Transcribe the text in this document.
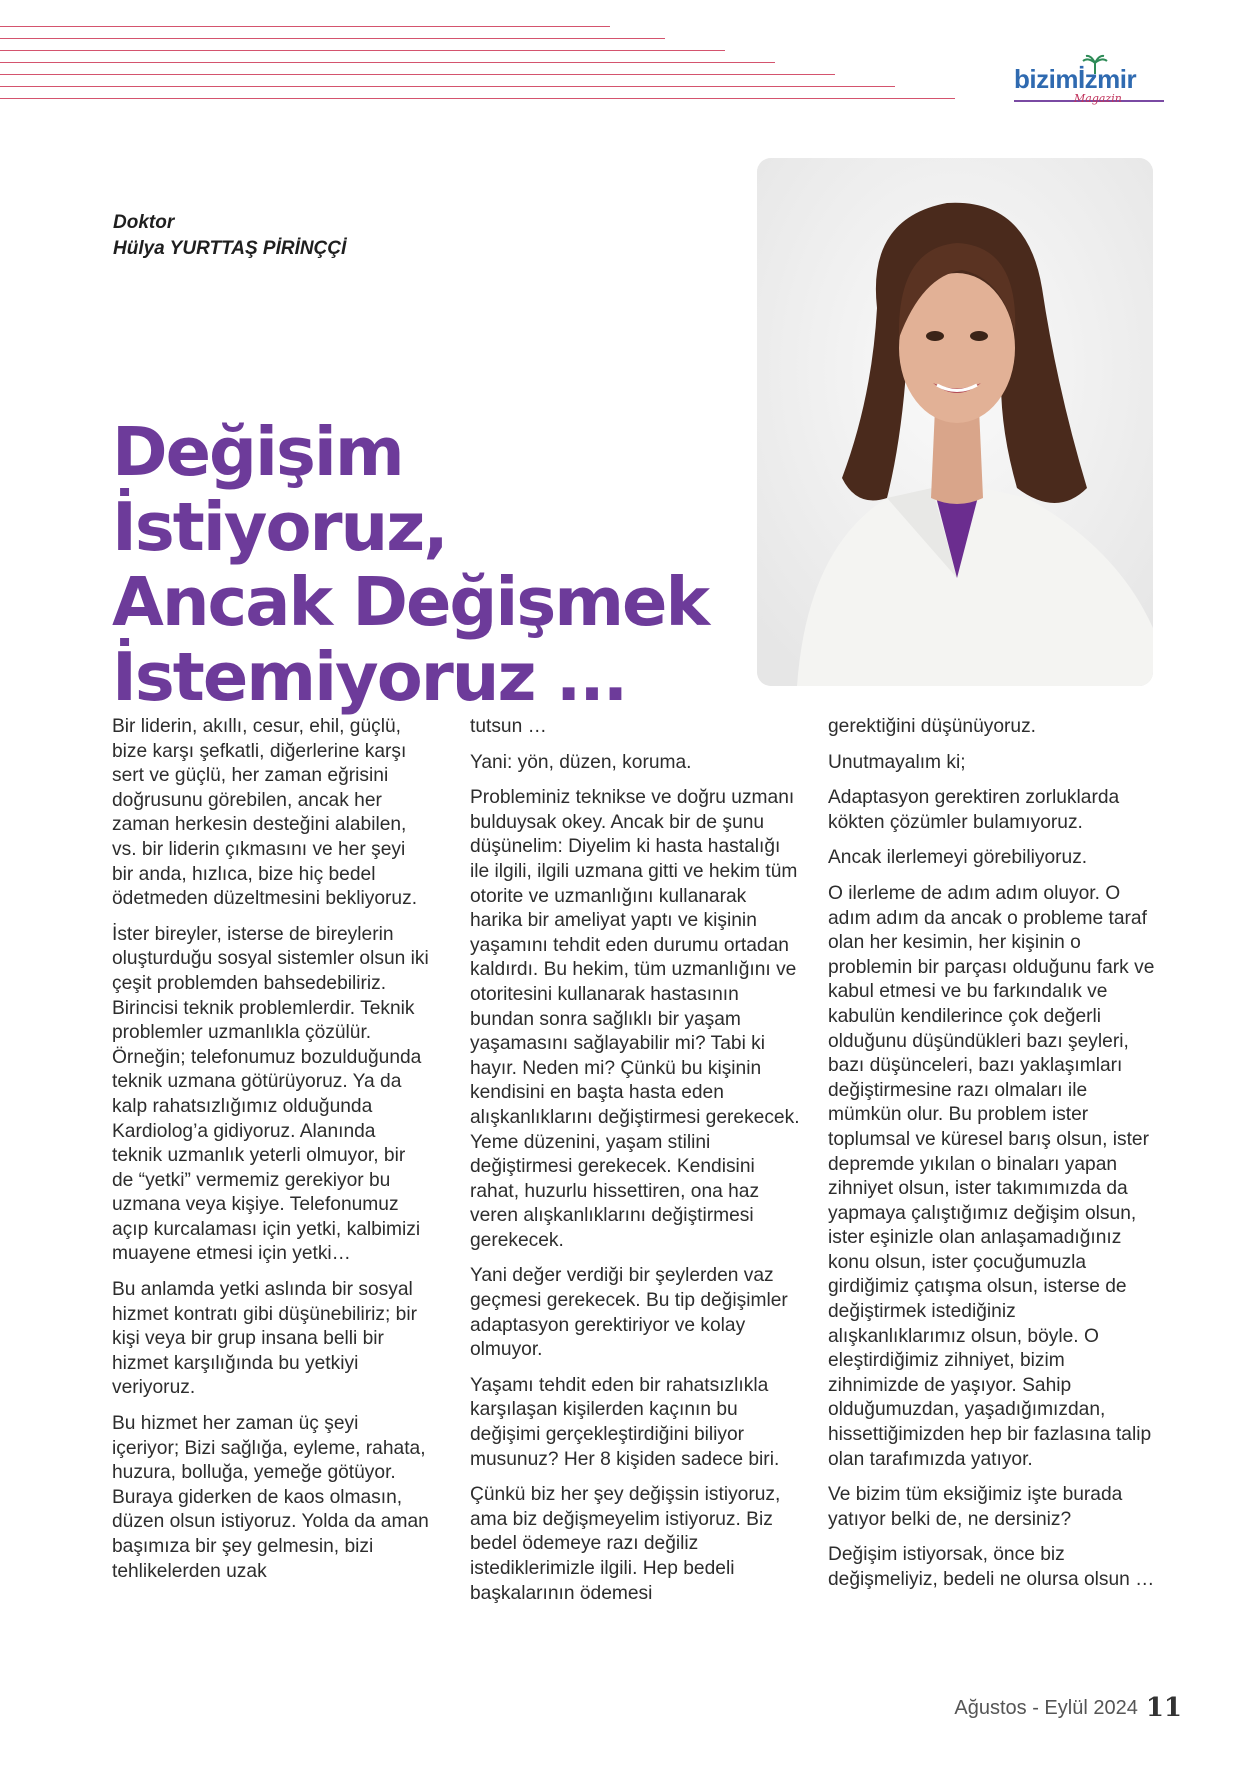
bizimİzmir
Magazin
Doktor
Hülya YURTTAŞ PİRİNÇÇİ
Değişim İstiyoruz,
Ancak Değişmek
İstemiyoruz ...

Bir liderin, akıllı, cesur, ehil, güçlü, bize karşı şefkatli, diğerlerine karşı sert ve güçlü, her zaman eğrisini doğrusunu görebilen, ancak her zaman herkesin desteğini alabilen, vs. bir liderin çıkmasını ve her şeyi bir anda, hızlıca, bize hiç bedel ödetmeden düzeltmesini bekliyoruz.

İster bireyler, isterse de bireylerin oluşturduğu sosyal sistemler olsun iki çeşit problemden bahsedebiliriz. Birincisi teknik problemlerdir. Teknik problemler uzmanlıkla çözülür. Örneğin; telefonumuz bozulduğunda teknik uzmana götürüyoruz. Ya da kalp rahatsızlığımız olduğunda Kardiolog’a gidiyoruz. Alanında teknik uzmanlık yeterli olmuyor, bir de “yetki” vermemiz gerekiyor bu uzmana veya kişiye. Telefonumuz açıp kurcalaması için yetki, kalbimizi muayene etmesi için yetki…

Bu anlamda yetki aslında bir sosyal hizmet kontratı gibi düşünebiliriz; bir kişi veya bir grup insana belli bir hizmet karşılığında bu yetkiyi veriyoruz.

Bu hizmet her zaman üç şeyi içeriyor; Bizi sağlığa, eyleme, rahata, huzura, bolluğa, yemeğe götüyor. Buraya giderken de kaos olmasın, düzen olsun istiyoruz. Yolda da aman başımıza bir şey gelmesin, bizi tehlikelerden uzak

tutsun …

Yani: yön, düzen, koruma.

Probleminiz teknikse ve doğru uzmanı bulduysak okey. Ancak bir de şunu düşünelim: Diyelim ki hasta hastalığı ile ilgili, ilgili uzmana gitti ve hekim tüm otorite ve uzmanlığını kullanarak harika bir ameliyat yaptı ve kişinin yaşamını tehdit eden durumu ortadan kaldırdı. Bu hekim, tüm uzmanlığını ve otoritesini kullanarak hastasının bundan sonra sağlıklı bir yaşam yaşamasını sağlayabilir mi? Tabi ki hayır. Neden mi? Çünkü bu kişinin kendisini en başta hasta eden alışkanlıklarını değiştirmesi gerekecek. Yeme düzenini, yaşam stilini değiştirmesi gerekecek. Kendisini rahat, huzurlu hissettiren, ona haz veren alışkanlıklarını değiştirmesi gerekecek.

Yani değer verdiği bir şeylerden vaz geçmesi gerekecek. Bu tip değişimler adaptasyon gerektiriyor ve kolay olmuyor.

Yaşamı tehdit eden bir rahatsızlıkla karşılaşan kişilerden kaçının bu değişimi gerçekleştirdiğini biliyor musunuz? Her 8 kişiden sadece biri.

Çünkü biz her şey değişsin istiyoruz, ama biz değişmeyelim istiyoruz. Biz bedel ödemeye razı değiliz istediklerimizle ilgili. Hep bedeli başkalarının ödemesi

gerektiğini düşünüyoruz.

Unutmayalım ki;

Adaptasyon gerektiren zorluklarda kökten çözümler bulamıyoruz.

Ancak ilerlemeyi görebiliyoruz.

O ilerleme de adım adım oluyor. O adım adım da ancak o probleme taraf olan her kesimin, her kişinin o problemin bir parçası olduğunu fark ve kabul etmesi ve bu farkındalık ve kabulün kendilerince çok değerli olduğunu düşündükleri bazı şeyleri, bazı düşünceleri, bazı yaklaşımları değiştirmesine razı olmaları ile mümkün olur. Bu problem ister toplumsal ve küresel barış olsun, ister depremde yıkılan o binaları yapan zihniyet olsun, ister takımımızda da yapmaya çalıştığımız değişim olsun, ister eşinizle olan anlaşamadığınız konu olsun, ister çocuğumuzla girdiğimiz çatışma olsun, isterse de değiştirmek istediğiniz alışkanlıklarımız olsun, böyle. O eleştirdiğimiz zihniyet, bizim zihnimizde de yaşıyor. Sahip olduğumuzdan, yaşadığımızdan, hissettiğimizden hep bir fazlasına talip olan tarafımızda yatıyor.

Ve bizim tüm eksiğimiz işte burada yatıyor belki de, ne dersiniz?

Değişim istiyorsak, önce biz değişmeliyiz, bedeli ne olursa olsun …

Ağustos - Eylül 2024 11
